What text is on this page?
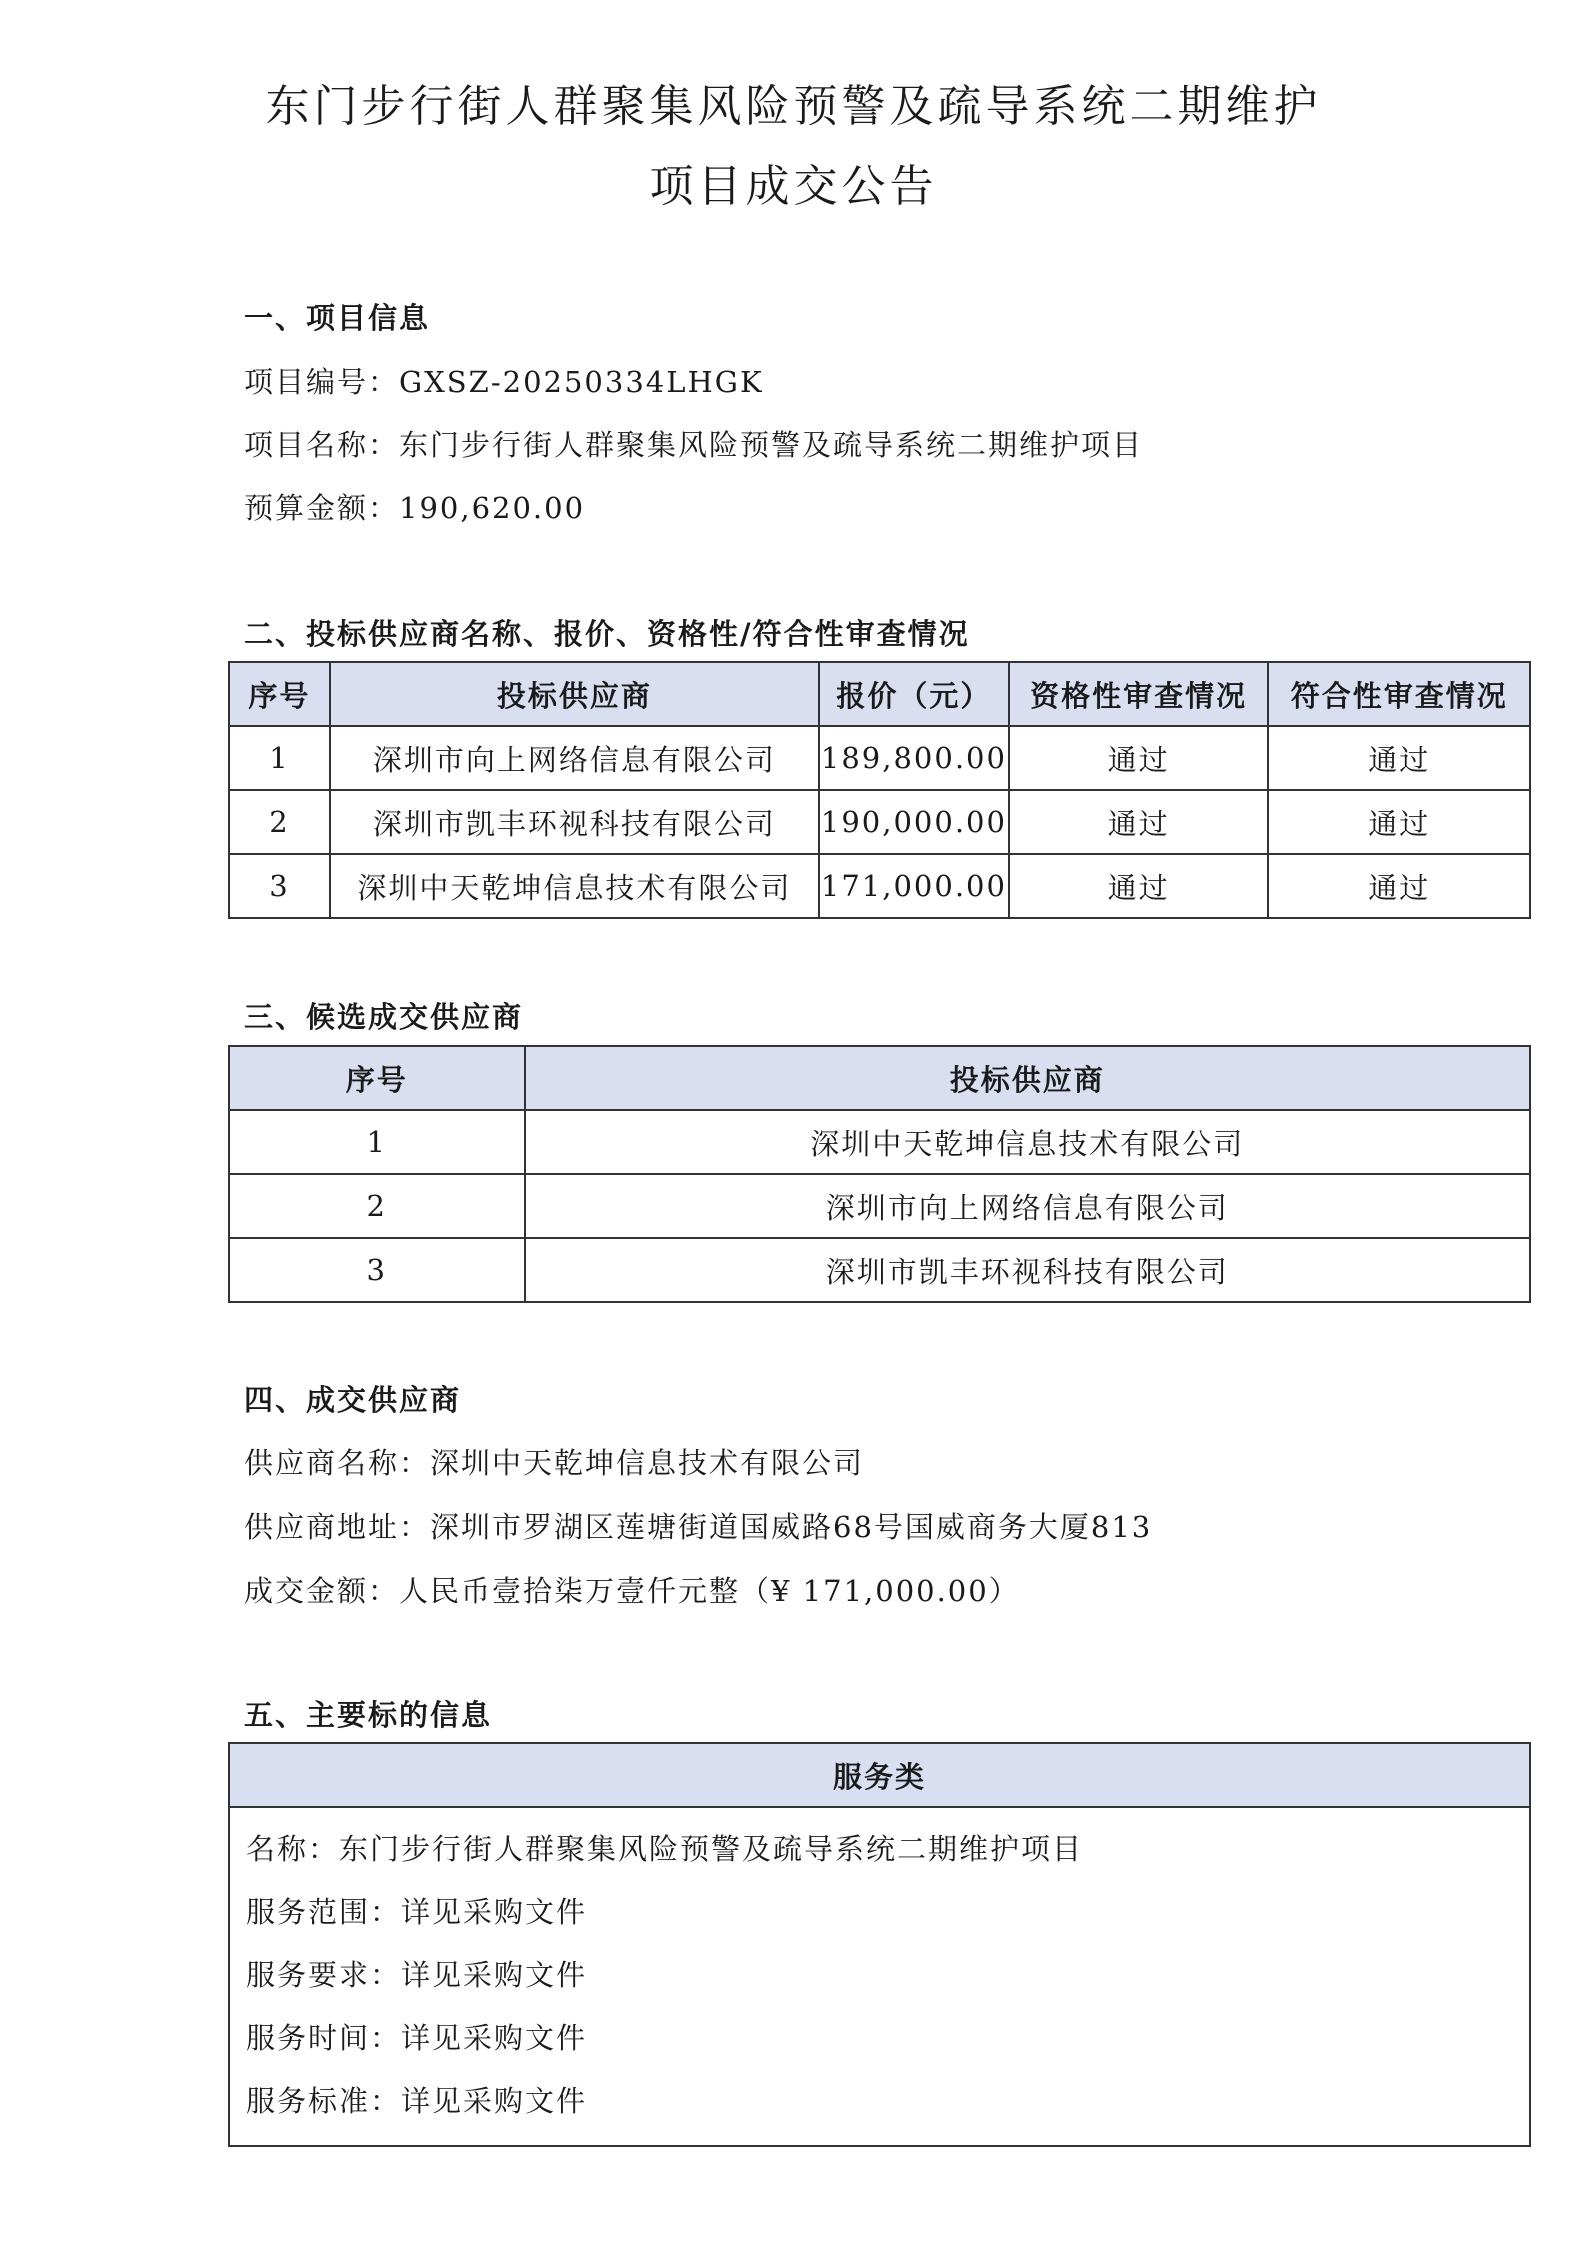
东门步行街人群聚集风险预警及疏导系统二期维护
项目成交公告
一、项目信息
项目编号：GXSZ-20250334LHGK
项目名称：东门步行街人群聚集风险预警及疏导系统二期维护项目
预算金额：190,620.00
二、投标供应商名称、报价、资格性/符合性审查情况
序号	投标供应商	报价（元）	资格性审查情况	符合性审查情况
1	深圳市向上网络信息有限公司	189,800.00	通过	通过
2	深圳市凯丰环视科技有限公司	190,000.00	通过	通过
3	深圳中天乾坤信息技术有限公司	171,000.00	通过	通过
三、候选成交供应商
序号	投标供应商
1	深圳中天乾坤信息技术有限公司
2	深圳市向上网络信息有限公司
3	深圳市凯丰环视科技有限公司
四、成交供应商
供应商名称：深圳中天乾坤信息技术有限公司
供应商地址：深圳市罗湖区莲塘街道国威路68号国威商务大厦813
成交金额：人民币壹拾柒万壹仟元整（¥ 171,000.00）
五、主要标的信息
服务类

名称：东门步行街人群聚集风险预警及疏导系统二期维护项目
服务范围：详见采购文件
服务要求：详见采购文件
服务时间：详见采购文件
服务标准：详见采购文件
